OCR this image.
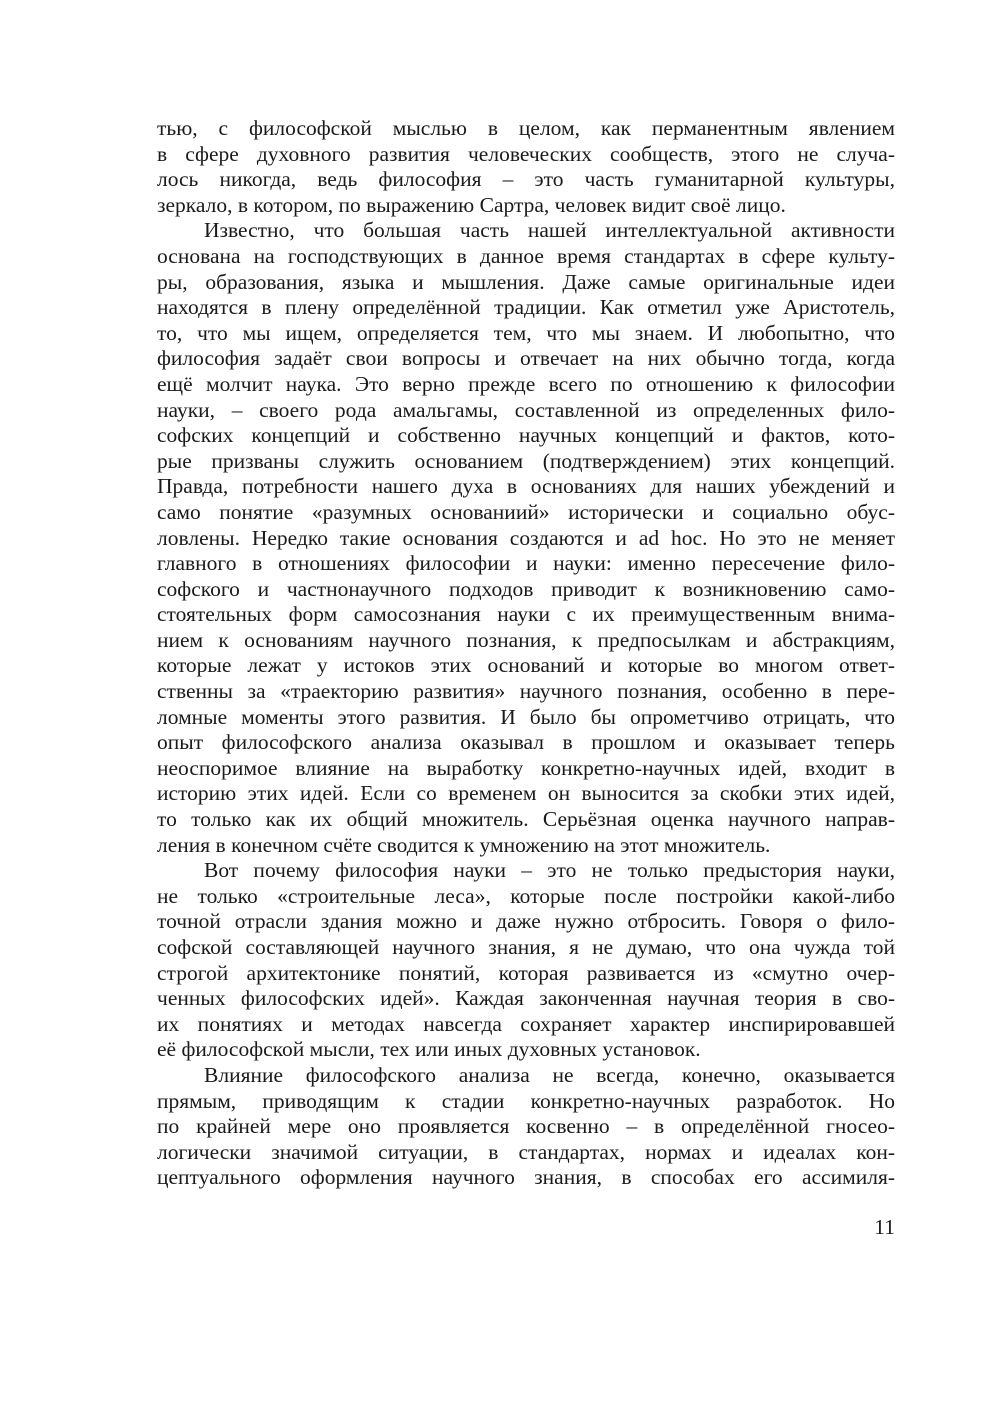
тью, с философской мыслью в целом, как перманентным явлением
в сфере духовного развития человеческих сообществ, этого не случа-
лось никогда, ведь философия – это часть гуманитарной культуры,
зеркало, в котором, по выражению Сартра, человек видит своё лицо.
Известно, что большая часть нашей интеллектуальной активности
основана на господствующих в данное время стандартах в сфере культу-
ры, образования, языка и мышления. Даже самые оригинальные идеи
находятся в плену определённой традиции. Как отметил уже Аристотель,
то, что мы ищем, определяется тем, что мы знаем. И любопытно, что
философия задаёт свои вопросы и отвечает на них обычно тогда, когда
ещё молчит наука. Это верно прежде всего по отношению к философии
науки, – своего рода амальгамы, составленной из определенных фило-
софских концепций и собственно научных концепций и фактов, кото-
рые призваны служить основанием (подтверждением) этих концепций.
Правда, потребности нашего духа в основаниях для наших убеждений и
само понятие «разумных основаниий» исторически и социально обус-
ловлены. Нередко такие основания создаются и ad hoc. Но это не меняет
главного в отношениях философии и науки: именно пересечение фило-
софского и частнонаучного подходов приводит к возникновению само-
стоятельных форм самосознания науки с их преимущественным внима-
нием к основаниям научного познания, к предпосылкам и абстракциям,
которые лежат у истоков этих оснований и которые во многом ответ-
ственны за «траекторию развития» научного познания, особенно в пере-
ломные моменты этого развития. И было бы опрометчиво отрицать, что
опыт философского анализа оказывал в прошлом и оказывает теперь
неоспоримое влияние на выработку конкретно-научных идей, входит в
историю этих идей. Если со временем он выносится за скобки этих идей,
то только как их общий множитель. Серьёзная оценка научного направ-
ления в конечном счёте сводится к умножению на этот множитель.
Вот почему философия науки – это не только предыстория науки,
не только «строительные леса», которые после постройки какой-либо
точной отрасли здания можно и даже нужно отбросить. Говоря о фило-
софской составляющей научного знания, я не думаю, что она чужда той
строгой архитектонике понятий, которая развивается из «смутно очер-
ченных философских идей». Каждая законченная научная теория в сво-
их понятиях и методах навсегда сохраняет характер инспирировавшей
её философской мысли, тех или иных духовных установок.
Влияние философского анализа не всегда, конечно, оказывается
прямым, приводящим к стадии конкретно-научных разработок. Но
по крайней мере оно проявляется косвенно – в определённой гносео-
логически значимой ситуации, в стандартах, нормах и идеалах кон-
цептуального оформления научного знания, в способах его ассимиля-
11
